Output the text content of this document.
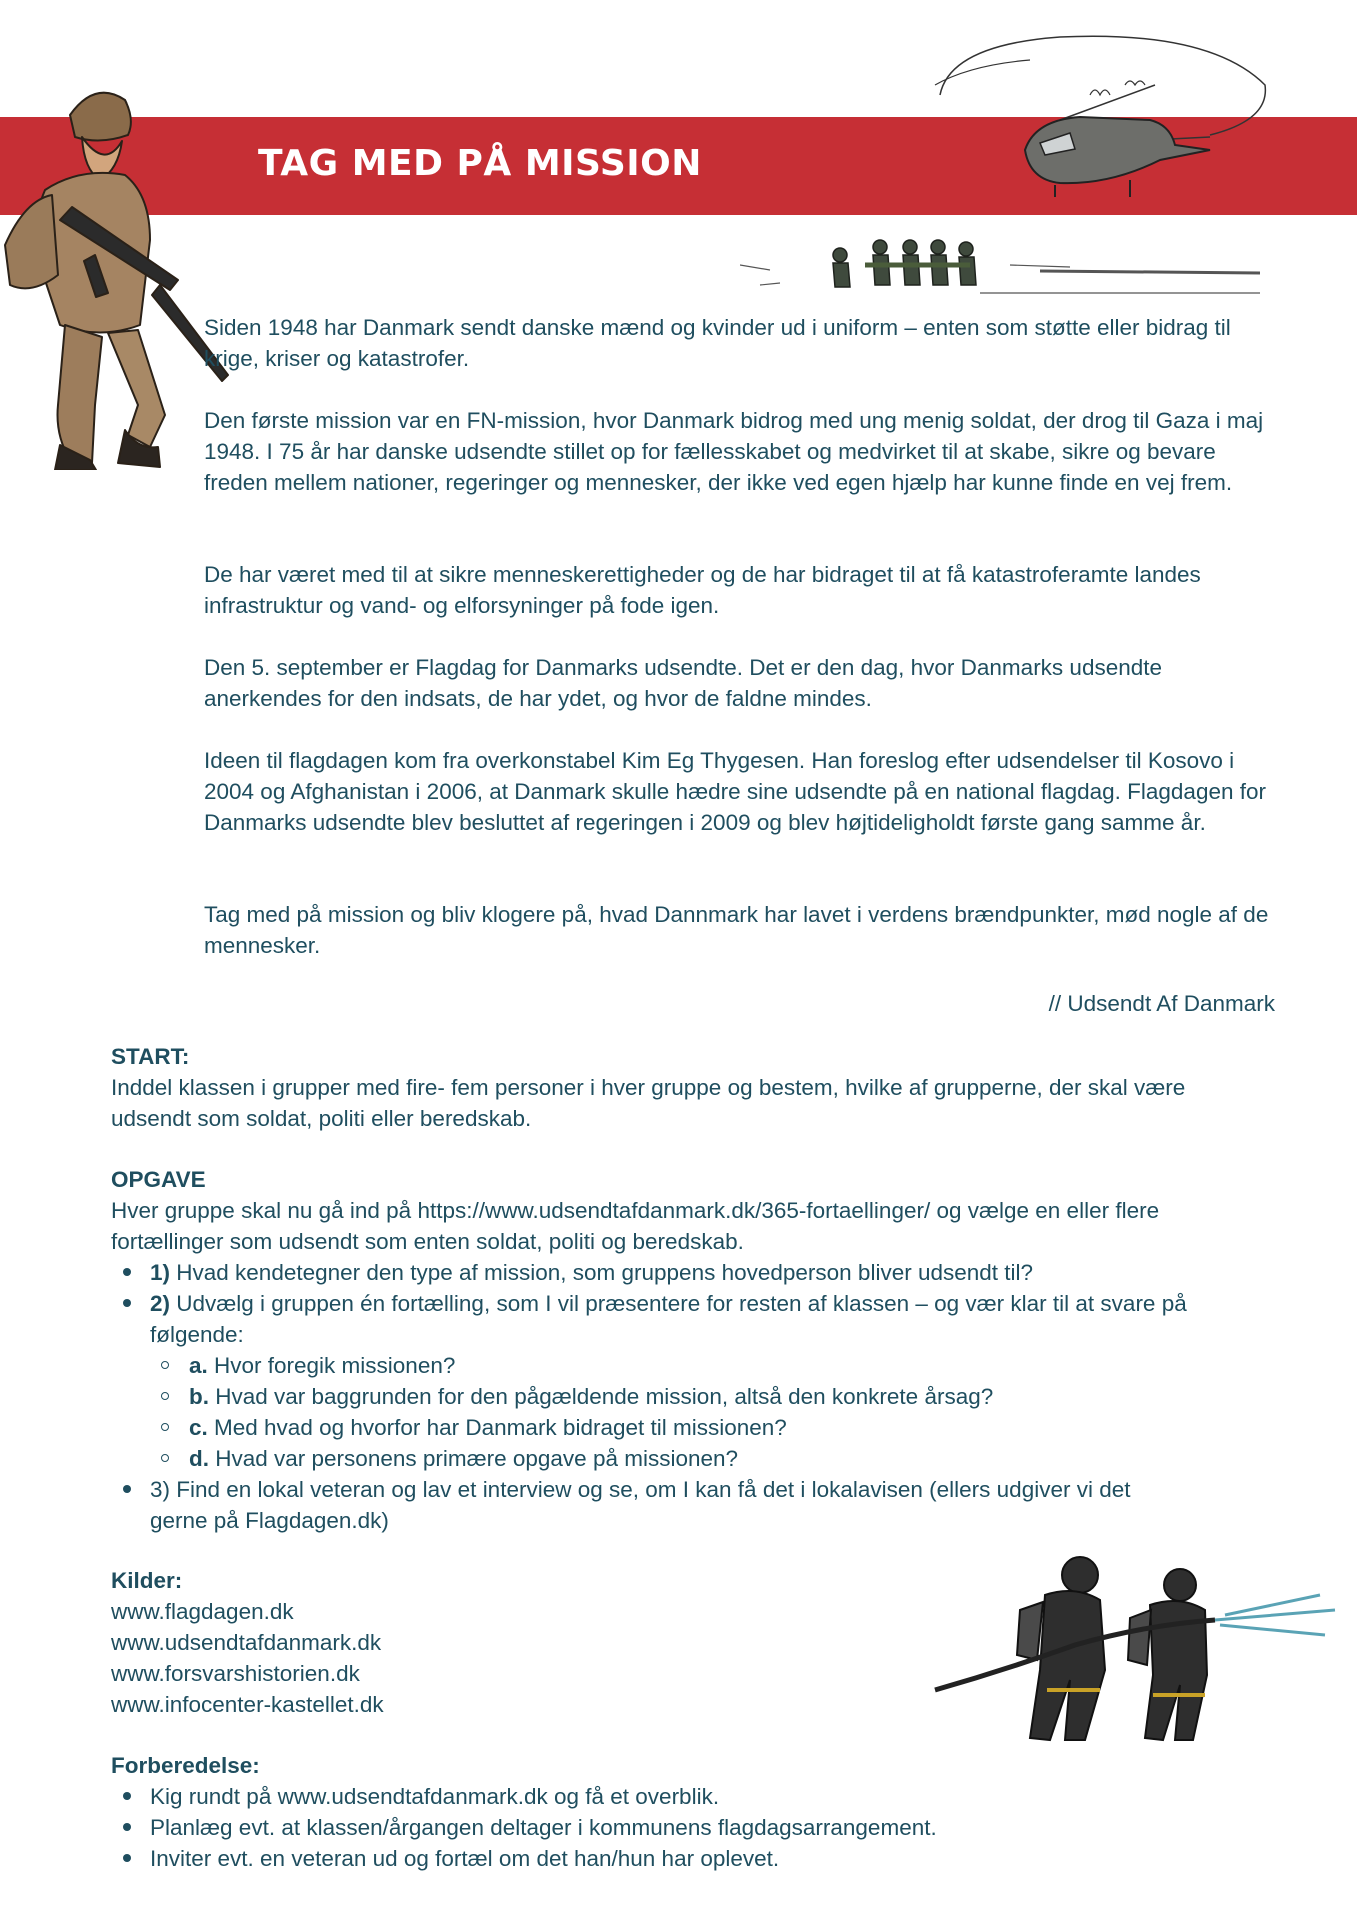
TAG MED PÅ MISSION
Siden 1948 har Danmark sendt danske mænd og kvinder ud i uniform – enten som støtte eller bidrag til krige, kriser og katastrofer.
Den første mission var en FN-mission, hvor Danmark bidrog med ung menig soldat, der drog til Gaza i maj 1948. I 75 år har danske udsendte stillet op for fællesskabet og medvirket til at skabe, sikre og bevare freden mellem nationer, regeringer og mennesker, der ikke ved egen hjælp har kunne finde en vej frem.
De har været med til at sikre menneskerettigheder og de har bidraget til at få katastroferamte landes infrastruktur og vand- og elforsyninger på fode igen.
Den 5. september er Flagdag for Danmarks udsendte. Det er den dag, hvor Danmarks udsendte anerkendes for den indsats, de har ydet, og hvor de faldne mindes.
Ideen til flagdagen kom fra overkonstabel Kim Eg Thygesen. Han foreslog efter udsendelser til Kosovo i 2004 og Afghanistan i 2006, at Danmark skulle hædre sine udsendte på en national flagdag. Flagdagen for Danmarks udsendte blev besluttet af regeringen i 2009 og blev højtideligholdt første gang samme år.
Tag med på mission og bliv klogere på, hvad Dannmark har lavet i verdens brændpunkter, mød nogle af de mennesker.
// Udsendt Af Danmark
START:
Inddel klassen i grupper med fire- fem personer i hver gruppe og bestem, hvilke af grupperne, der skal være udsendt som soldat, politi eller beredskab.
OPGAVE
Hver gruppe skal nu gå ind på https://www.udsendtafdanmark.dk/365-fortaellinger/ og vælge en eller flere fortællinger som udsendt som enten soldat, politi og beredskab.
1) Hvad kendetegner den type af mission, som gruppens hovedperson bliver udsendt til?
2) Udvælg i gruppen én fortælling, som I vil præsentere for resten af klassen – og vær klar til at svare på følgende:
a. Hvor foregik missionen?
b. Hvad var baggrunden for den pågældende mission, altså den konkrete årsag?
c. Med hvad og hvorfor har Danmark bidraget til missionen?
d. Hvad var personens primære opgave på missionen?
3) Find en lokal veteran og lav et interview og se, om I kan få det i lokalavisen (ellers udgiver vi det gerne på Flagdagen.dk)
Kilder:
www.flagdagen.dk
www.udsendtafdanmark.dk
www.forsvarshistorien.dk
www.infocenter-kastellet.dk
Forberedelse:
Kig rundt på www.udsendtafdanmark.dk og få et overblik.
Planlæg evt. at klassen/årgangen deltager i kommunens flagdagsarrangement.
Inviter evt. en veteran ud og fortæl om det han/hun har oplevet.
